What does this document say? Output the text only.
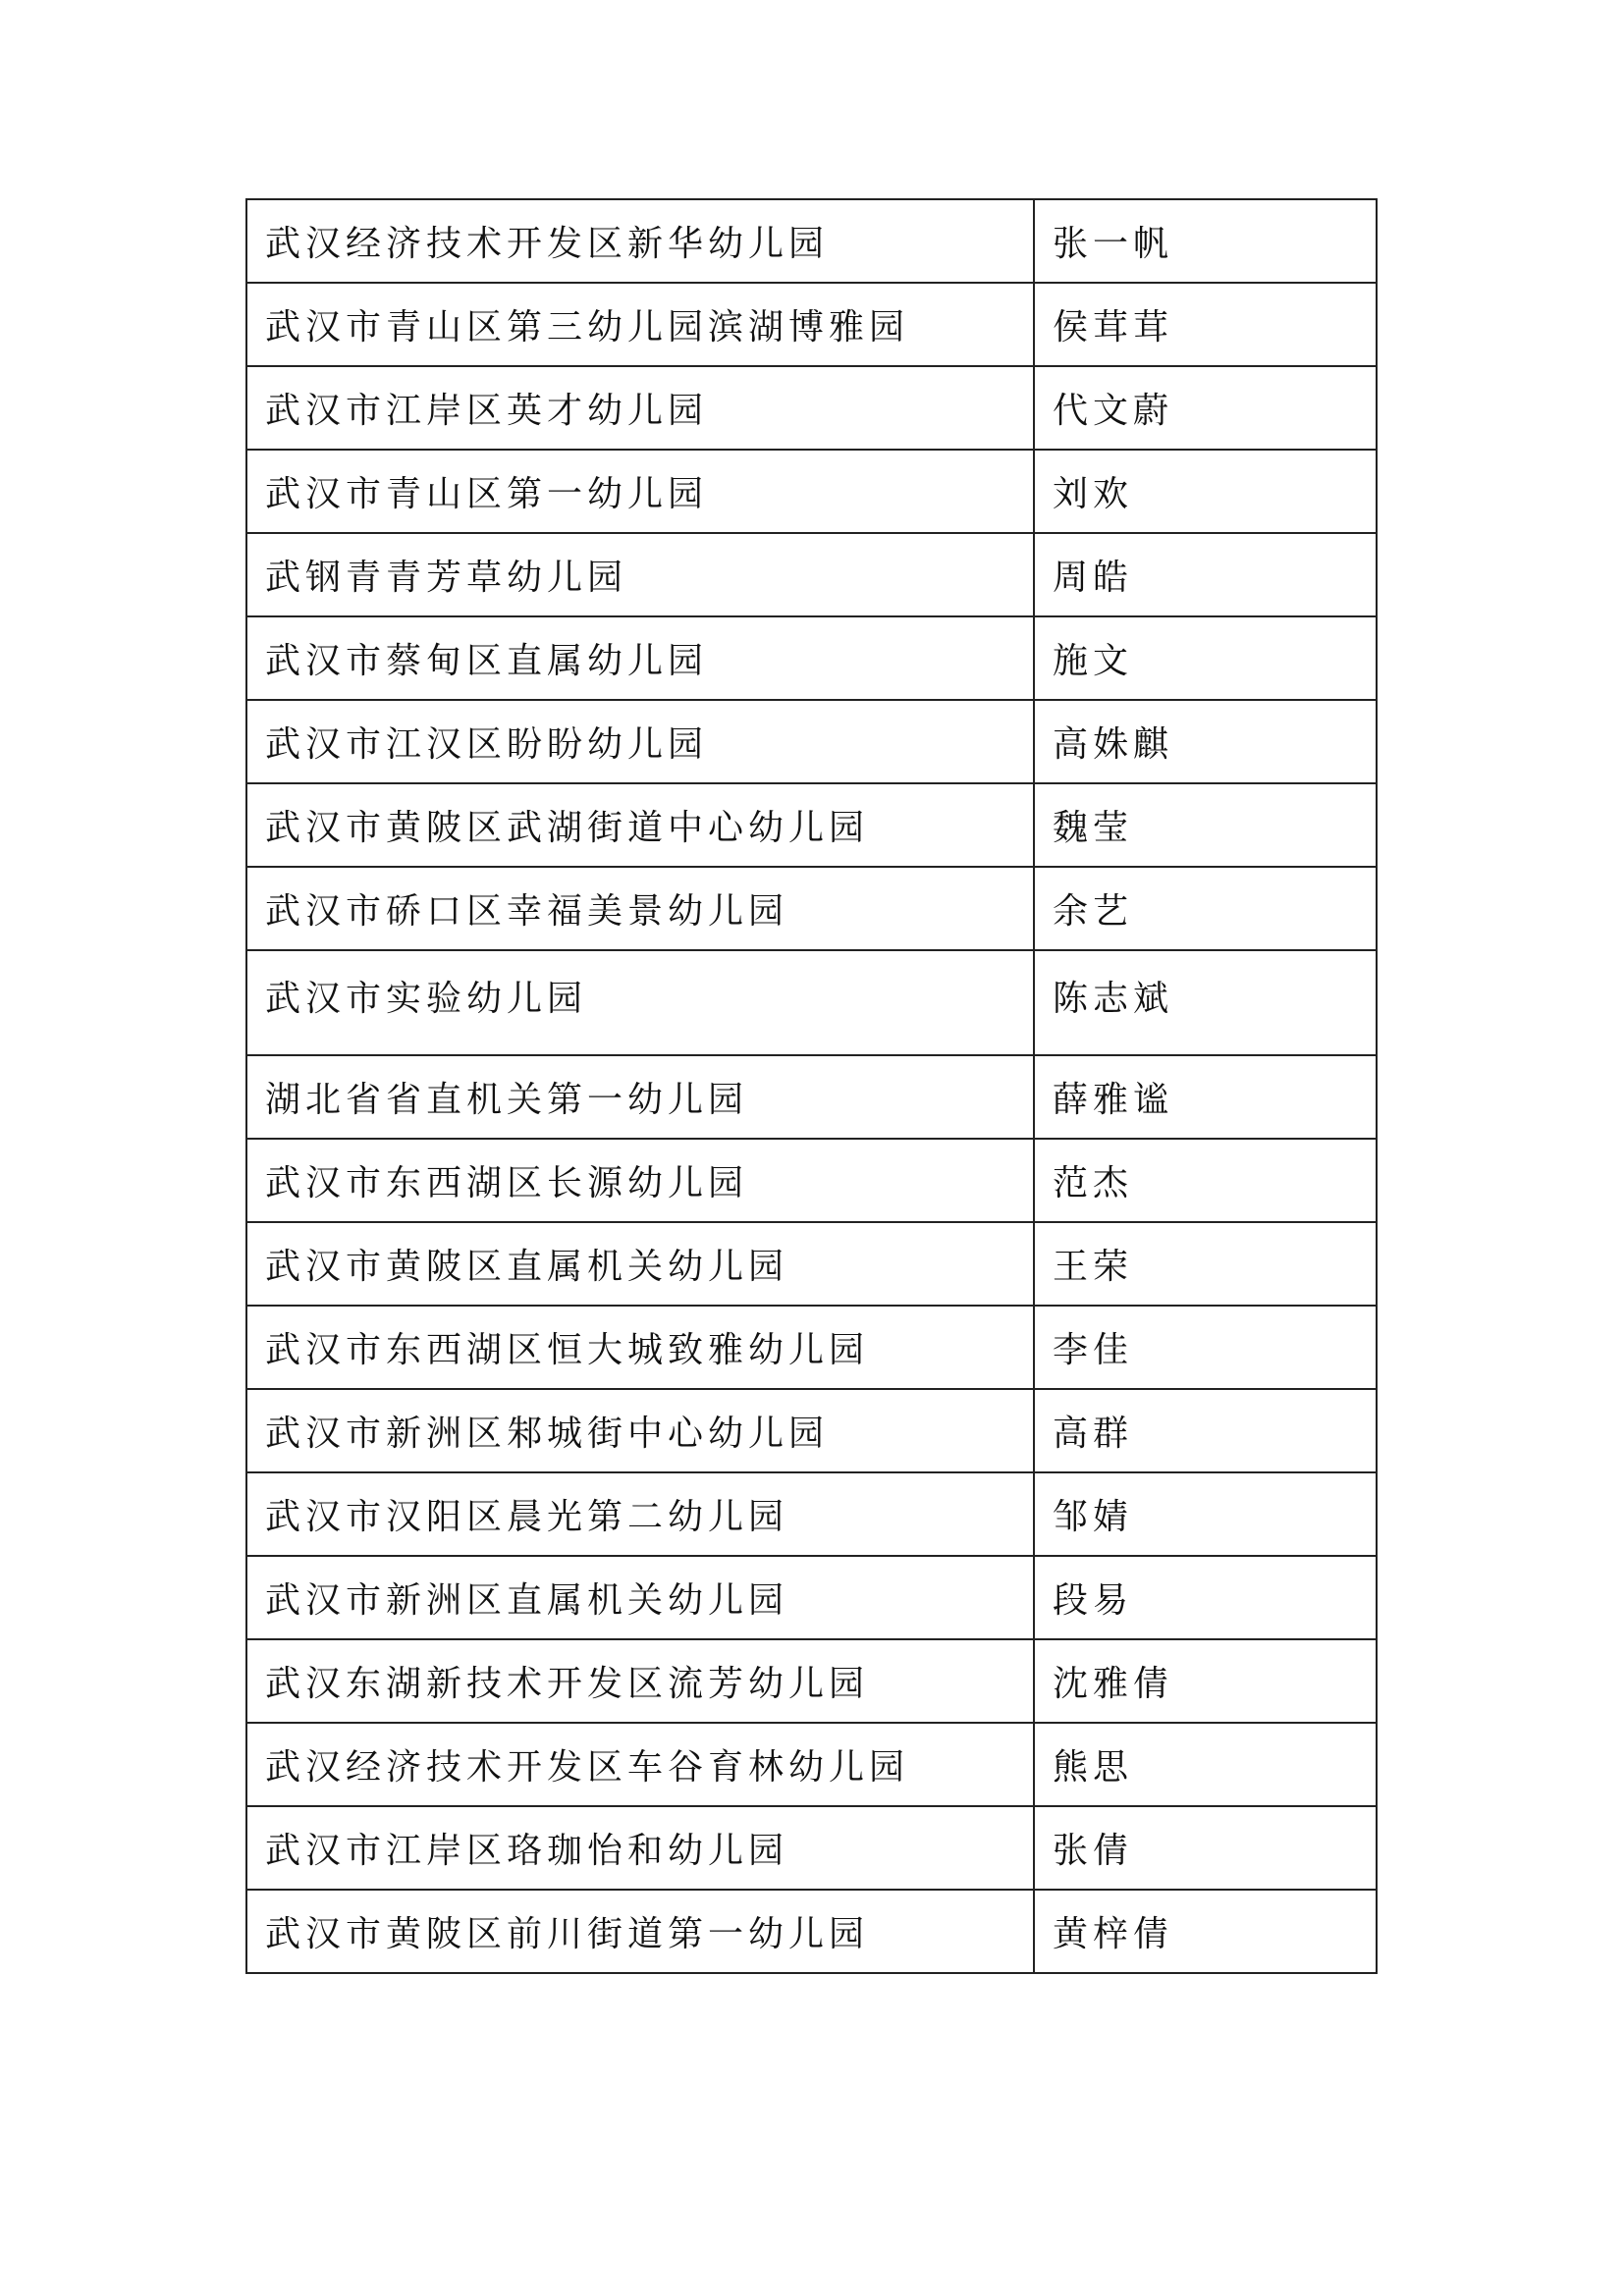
武汉经济技术开发区新华幼儿园	张一帆
武汉市青山区第三幼儿园滨湖博雅园	侯茸茸
武汉市江岸区英才幼儿园	代文蔚
武汉市青山区第一幼儿园	刘欢
武钢青青芳草幼儿园	周皓
武汉市蔡甸区直属幼儿园	施文
武汉市江汉区盼盼幼儿园	高姝麒
武汉市黄陂区武湖街道中心幼儿园	魏莹
武汉市硚口区幸福美景幼儿园	余艺
武汉市实验幼儿园	陈志斌
湖北省省直机关第一幼儿园	薛雅谧
武汉市东西湖区长源幼儿园	范杰
武汉市黄陂区直属机关幼儿园	王荣
武汉市东西湖区恒大城致雅幼儿园	李佳
武汉市新洲区邾城街中心幼儿园	高群
武汉市汉阳区晨光第二幼儿园	邹婧
武汉市新洲区直属机关幼儿园	段易
武汉东湖新技术开发区流芳幼儿园	沈雅倩
武汉经济技术开发区车谷育林幼儿园	熊思
武汉市江岸区珞珈怡和幼儿园	张倩
武汉市黄陂区前川街道第一幼儿园	黄梓倩
